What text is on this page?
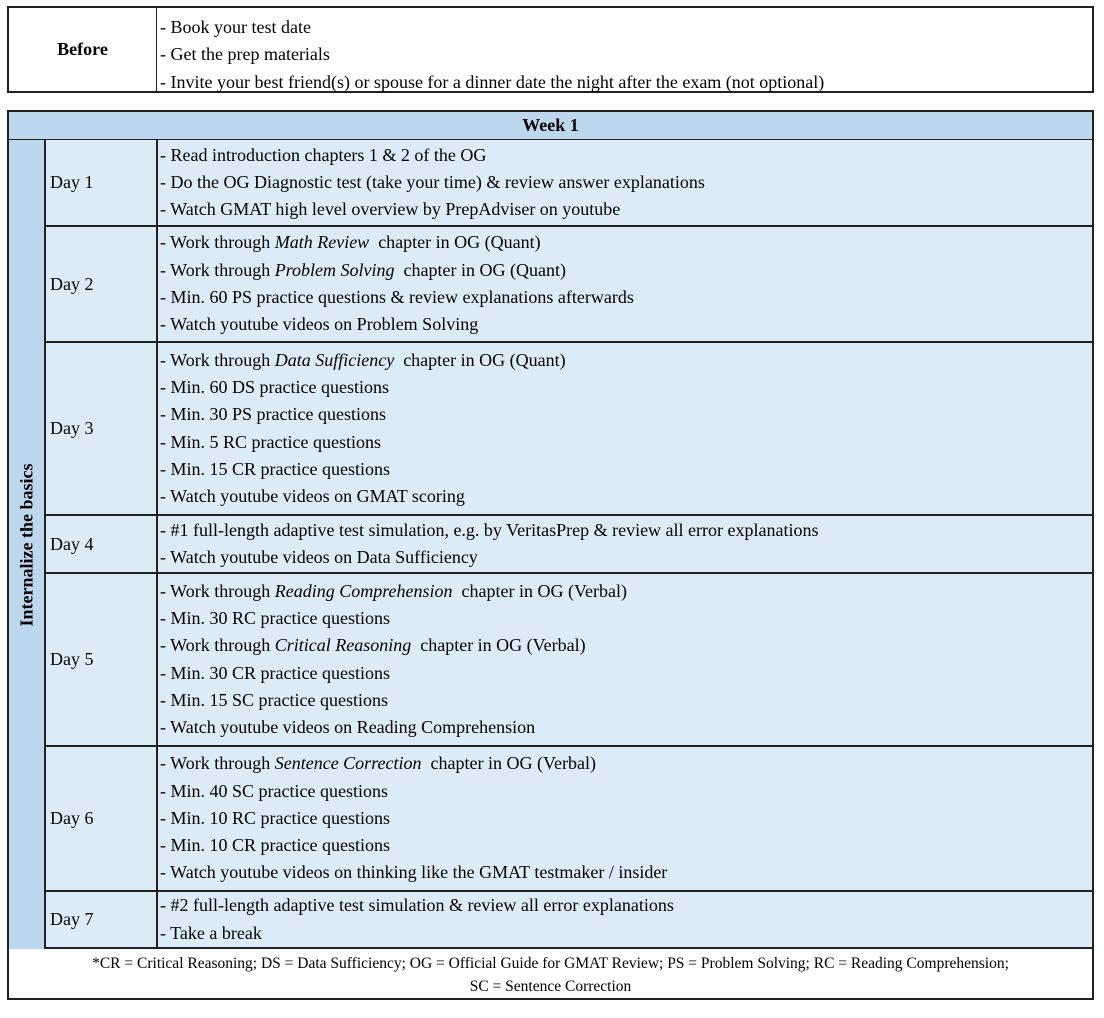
Before
- Book your test date
- Get the prep materials
- Invite your best friend(s) or spouse for a dinner date the night after the exam (not optional)
Week 1
Internalize the basics
*CR = Critical Reasoning; DS = Data Sufficiency; OG = Official Guide for GMAT Review; PS = Problem Solving; RC = Reading Comprehension;
SC = Sentence Correction
Day 1
- Read introduction chapters 1 & 2 of the OG
- Do the OG Diagnostic test (take your time) & review answer explanations
- Watch GMAT high level overview by PrepAdviser on youtube
Day 2
- Work through Math Review  chapter in OG (Quant)
- Work through Problem Solving  chapter in OG (Quant)
- Min. 60 PS practice questions & review explanations afterwards
- Watch youtube videos on Problem Solving
Day 3
- Work through Data Sufficiency  chapter in OG (Quant)
- Min. 60 DS practice questions
- Min. 30 PS practice questions
- Min. 5 RC practice questions
- Min. 15 CR practice questions
- Watch youtube videos on GMAT scoring
Day 4
- #1 full-length adaptive test simulation, e.g. by VeritasPrep & review all error explanations
- Watch youtube videos on Data Sufficiency
Day 5
- Work through Reading Comprehension  chapter in OG (Verbal)
- Min. 30 RC practice questions
- Work through Critical Reasoning  chapter in OG (Verbal)
- Min. 30 CR practice questions
- Min. 15 SC practice questions
- Watch youtube videos on Reading Comprehension
Day 6
- Work through Sentence Correction  chapter in OG (Verbal)
- Min. 40 SC practice questions
- Min. 10 RC practice questions
- Min. 10 CR practice questions
- Watch youtube videos on thinking like the GMAT testmaker / insider
Day 7
- #2 full-length adaptive test simulation & review all error explanations
- Take a break
